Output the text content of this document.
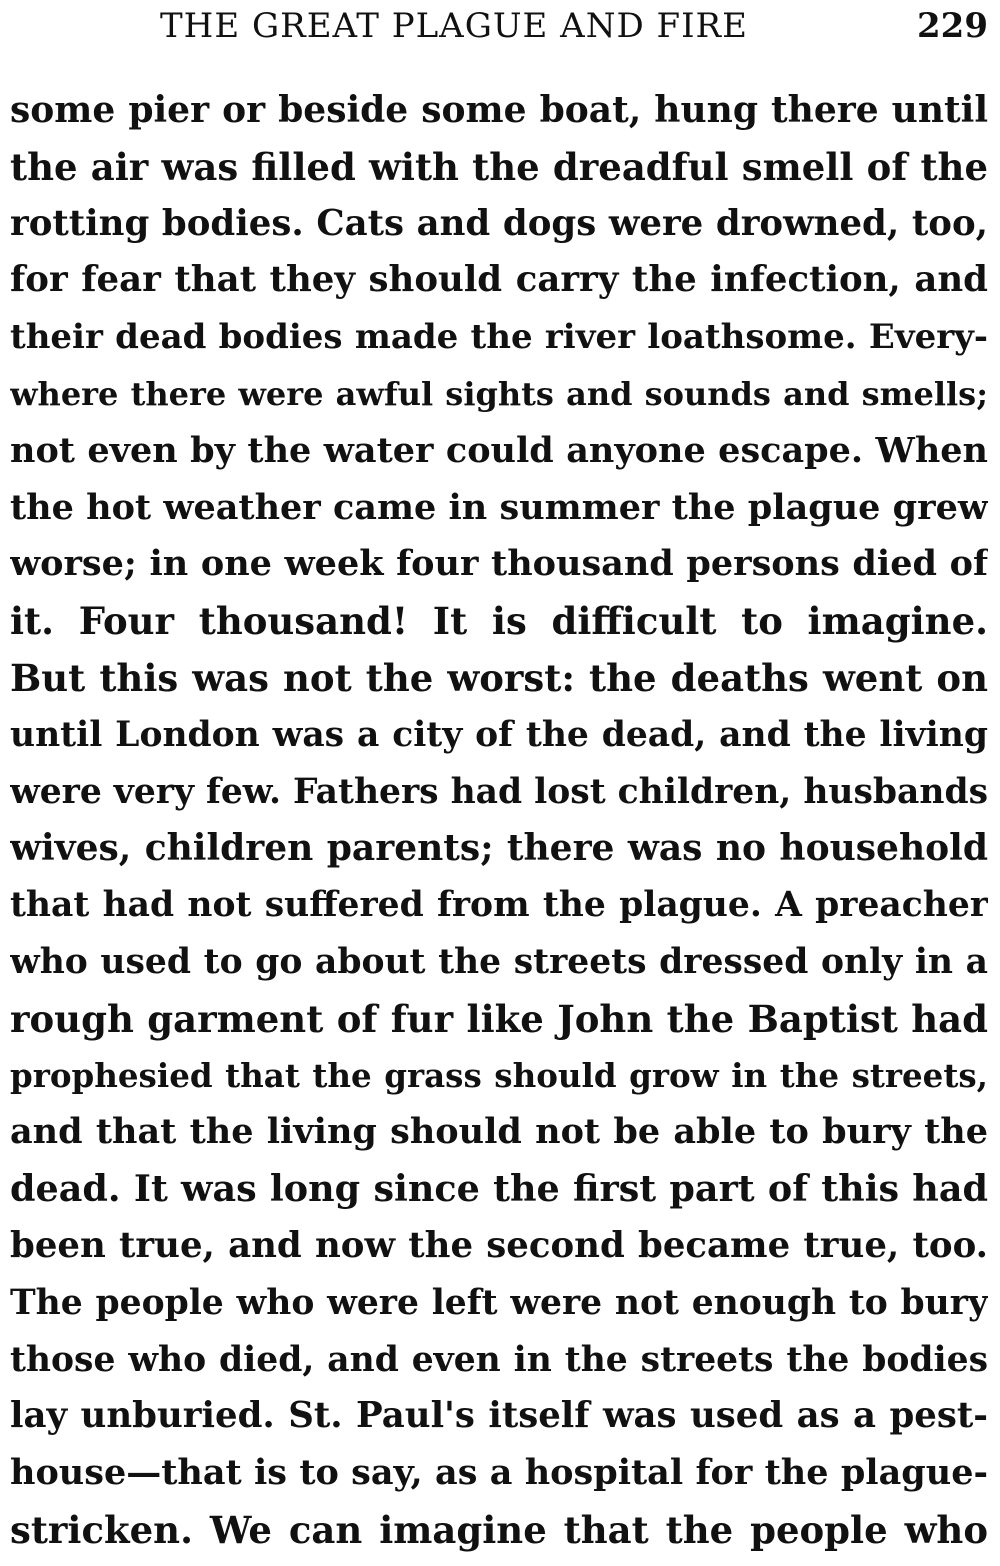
THE GREAT PLAGUE AND FIRE	229
some pier or beside some boat, hung there until
the air was filled with the dreadful smell of the
rotting bodies. Cats and dogs were drowned, too,
for fear that they should carry the infection, and
their dead bodies made the river loathsome. Every-
where there were awful sights and sounds and smells;
not even by the water could anyone escape. When
the hot weather came in summer the plague grew
worse; in one week four thousand persons died of
it. Four thousand! It is difficult to imagine.
But this was not the worst: the deaths went on
until London was a city of the dead, and the living
were very few. Fathers had lost children, husbands
wives, children parents; there was no household
that had not suffered from the plague. A preacher
who used to go about the streets dressed only in a
rough garment of fur like John the Baptist had
prophesied that the grass should grow in the streets,
and that the living should not be able to bury the
dead. It was long since the first part of this had
been true, and now the second became true, too.
The people who were left were not enough to bury
those who died, and even in the streets the bodies
lay unburied. St. Paul's itself was used as a pest-
house—that is to say, as a hospital for the plague-
stricken. We can imagine that the people who
